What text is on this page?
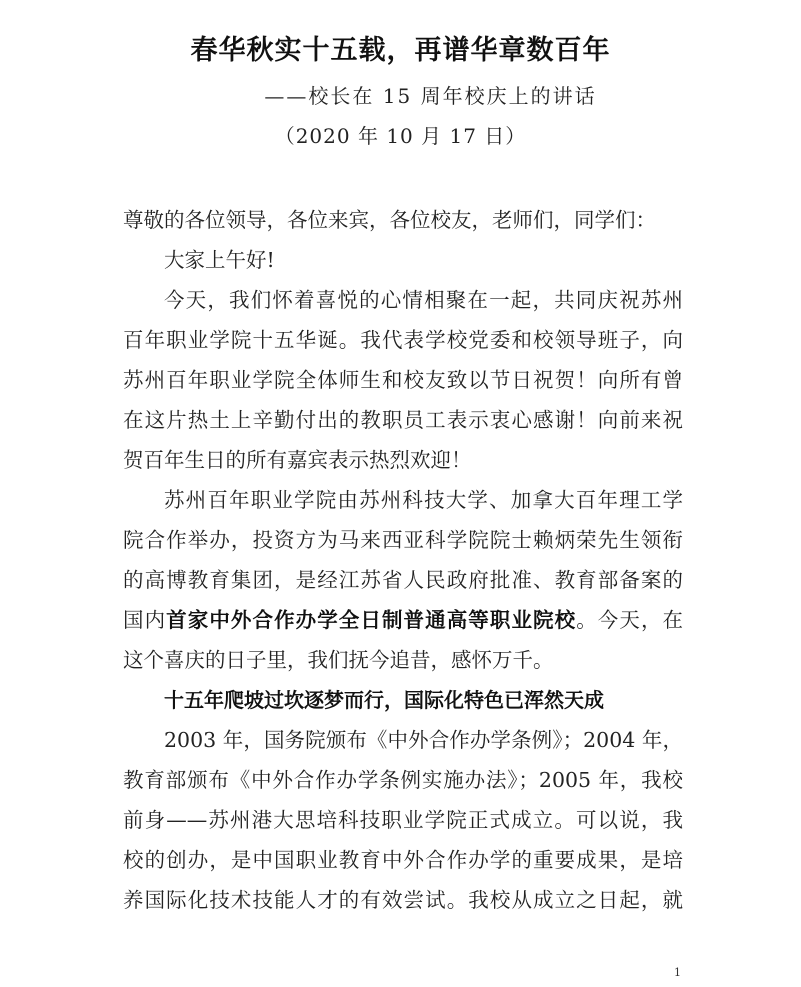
春华秋实十五载，再谱华章数百年
——校长在 15 周年校庆上的讲话
（2020 年 10 月 17 日）
尊敬的各位领导，各位来宾，各位校友，老师们，同学们：
大家上午好!
今天，我们怀着喜悦的心情相聚在一起，共同庆祝苏州
百年职业学院十五华诞。我代表学校党委和校领导班子，向
苏州百年职业学院全体师生和校友致以节日祝贺！向所有曾
在这片热土上辛勤付出的教职员工表示衷心感谢！向前来祝
贺百年生日的所有嘉宾表示热烈欢迎！
苏州百年职业学院由苏州科技大学、加拿大百年理工学
院合作举办，投资方为马来西亚科学院院士赖炳荣先生领衔
的高博教育集团，是经江苏省人民政府批准、教育部备案的
国内首家中外合作办学全日制普通高等职业院校。今天，在
这个喜庆的日子里，我们抚今追昔，感怀万千。
十五年爬坡过坎逐梦而行，国际化特色已浑然天成
2003 年，国务院颁布《中外合作办学条例》；2004 年，
教育部颁布《中外合作办学条例实施办法》；2005 年，我校
前身——苏州港大思培科技职业学院正式成立。可以说，我
校的创办，是中国职业教育中外合作办学的重要成果，是培
养国际化技术技能人才的有效尝试。我校从成立之日起，就
1
